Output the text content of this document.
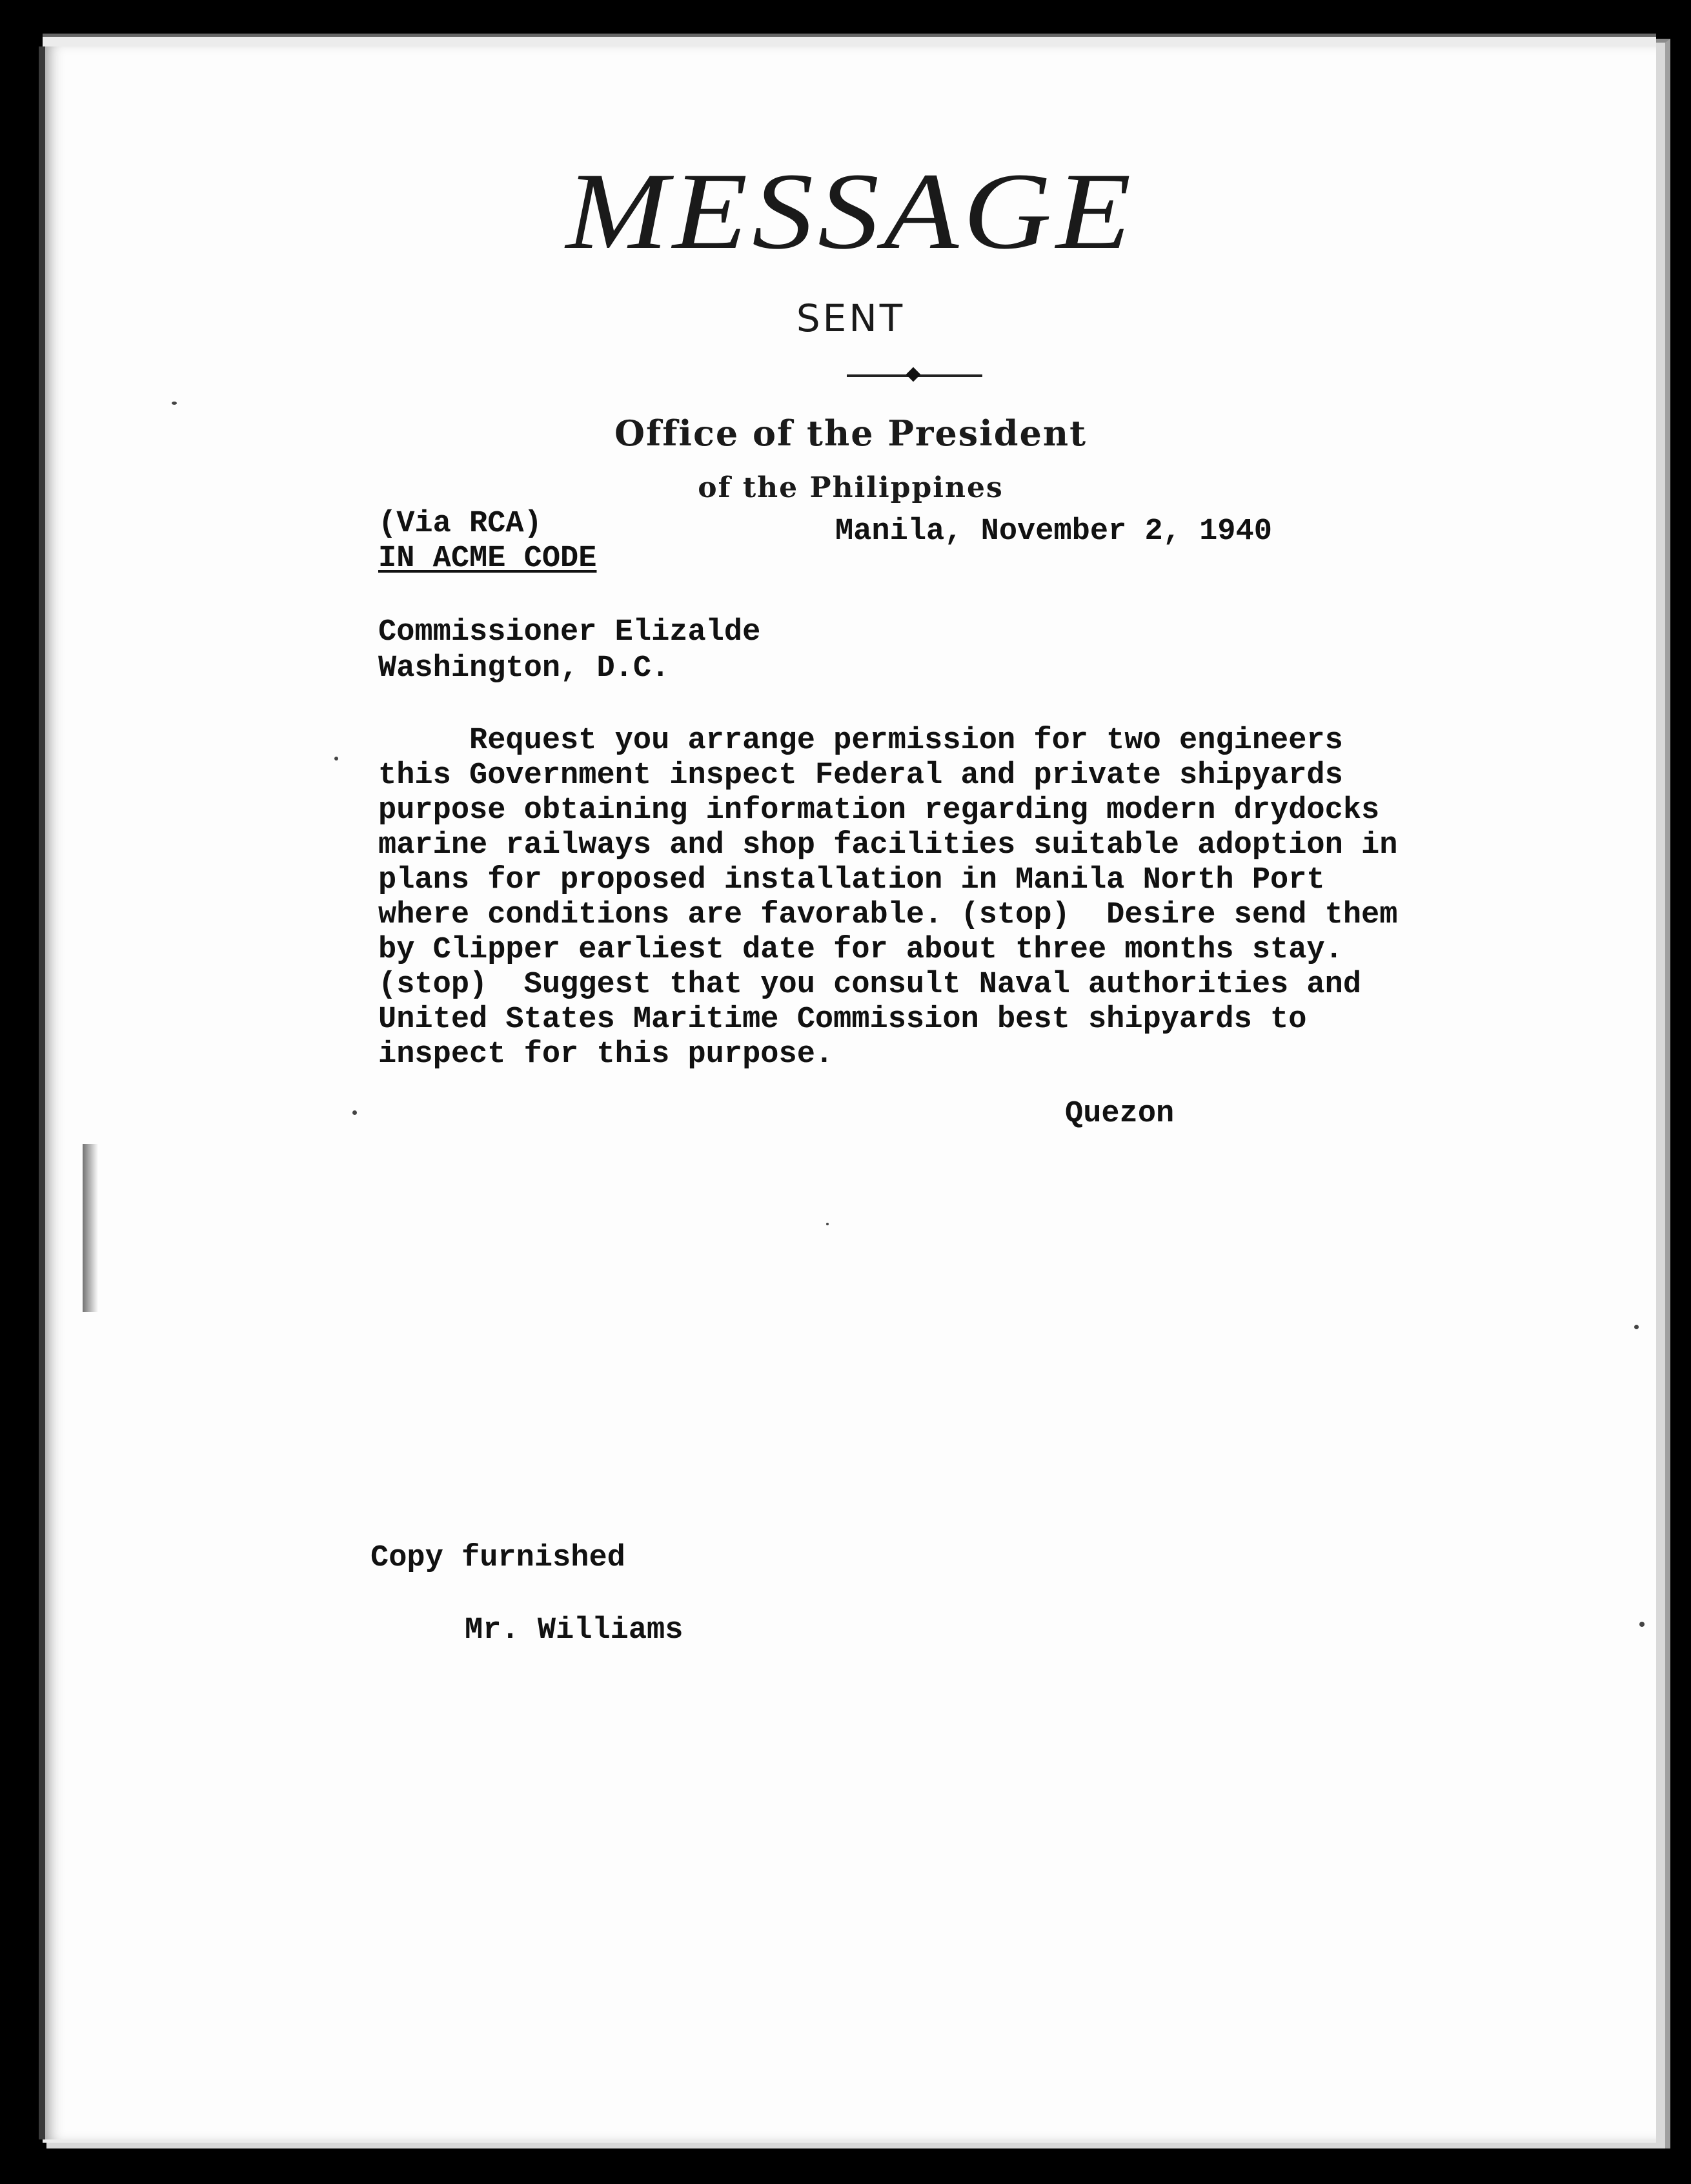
MESSAGE
SENT
Office of the President
of the Philippines
(Via RCA)
IN ACME CODE
Manila, November 2, 1940
Commissioner Elizalde
Washington, D.C.
Request you arrange permission for two engineers
this Government inspect Federal and private shipyards
purpose obtaining information regarding modern drydocks
marine railways and shop facilities suitable adoption in
plans for proposed installation in Manila North Port
where conditions are favorable. (stop)  Desire send them
by Clipper earliest date for about three months stay.
(stop)  Suggest that you consult Naval authorities and
United States Maritime Commission best shipyards to
inspect for this purpose.
Quezon
Copy furnished
Mr. Williams
